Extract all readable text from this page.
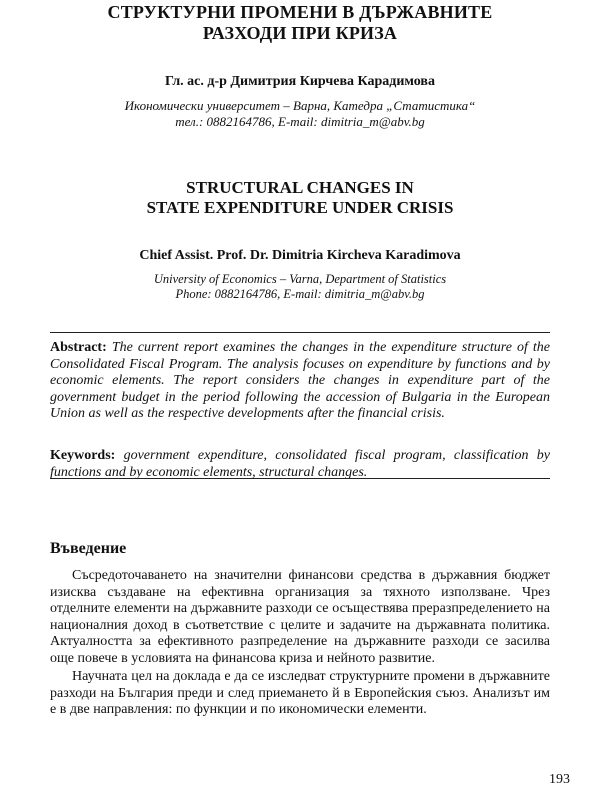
СТРУКТУРНИ ПРОМЕНИ В ДЪРЖАВНИТЕ
РАЗХОДИ ПРИ КРИЗА
Гл. ас. д-р Димитрия Кирчева Карадимова
Икономически университет – Варна, Катедра „Статистика“
тел.: 0882164786, E-mail: dimitria_m@abv.bg
STRUCTURAL CHANGES IN
STATE EXPENDITURE UNDER CRISIS
Chief Assist. Prof. Dr. Dimitria Kircheva Karadimova
University of Economics – Varna, Department of Statistics
Phone: 0882164786, E-mail: dimitria_m@abv.bg
Abstract: The current report examines the changes in the expenditure structure of the Consolidated Fiscal Program. The analysis focuses on expenditure by functions and by economic elements. The report considers the changes in expenditure part of the government budget in the period following the accession of Bulgaria in the European Union as well as the respective developments after the financial crisis.
Keywords: government expenditure, consolidated fiscal program, classification by functions and by economic elements, structural changes.
Въведение

Съсредоточаването на значителни финансови средства в държавния бюджет изисква създаване на ефективна организация за тяхното използване. Чрез отделните елементи на държавните разходи се осъществява преразпределението на националния доход в съответствие с целите и задачите на държавната политика. Актуалността за ефективното разпределение на държавните разходи се засилва още повече в условията на финансова криза и нейното развитие.

Научната цел на доклада е да се изследват структурните промени в държавните разходи на България преди и след приемането й в Европейския съюз. Анализът им е в две направления: по функции и по икономически елементи.

193
